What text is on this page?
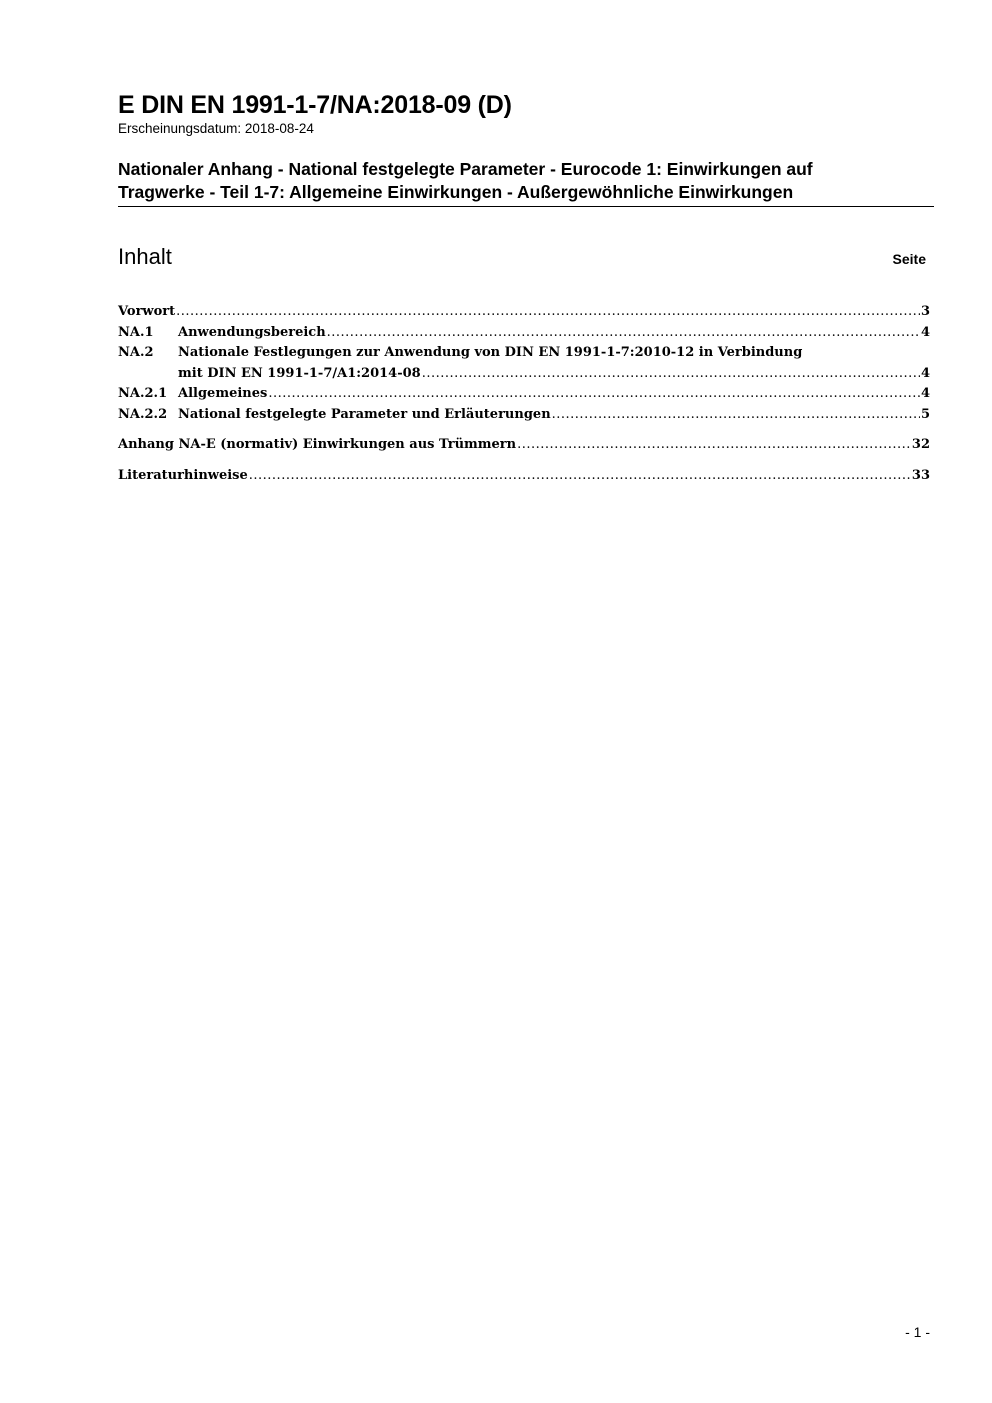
E DIN EN 1991-1-7/NA:2018-09 (D)

Erscheinungsdatum: 2018-08-24

Nationaler Anhang - National festgelegte Parameter - Eurocode 1: Einwirkungen auf
Tragwerke - Teil 1-7: Allgemeine Einwirkungen - Außergewöhnliche Einwirkungen
Inhalt	Seite
Vorwort .....	3
NA.1	Anwendungsbereich .....	4
NA.2	Nationale Festlegungen zur Anwendung von DIN EN 1991-1-7:2010-12 in Verbindung
mit DIN EN 1991-1-7/A1:2014-08 .....	4
NA.2.1 Allgemeines .....	4
NA.2.2 National festgelegte Parameter und Erläuterungen .....	5
Anhang NA-E (normativ) Einwirkungen aus Trümmern .....	32
Literaturhinweise .....	33
- 1 -
